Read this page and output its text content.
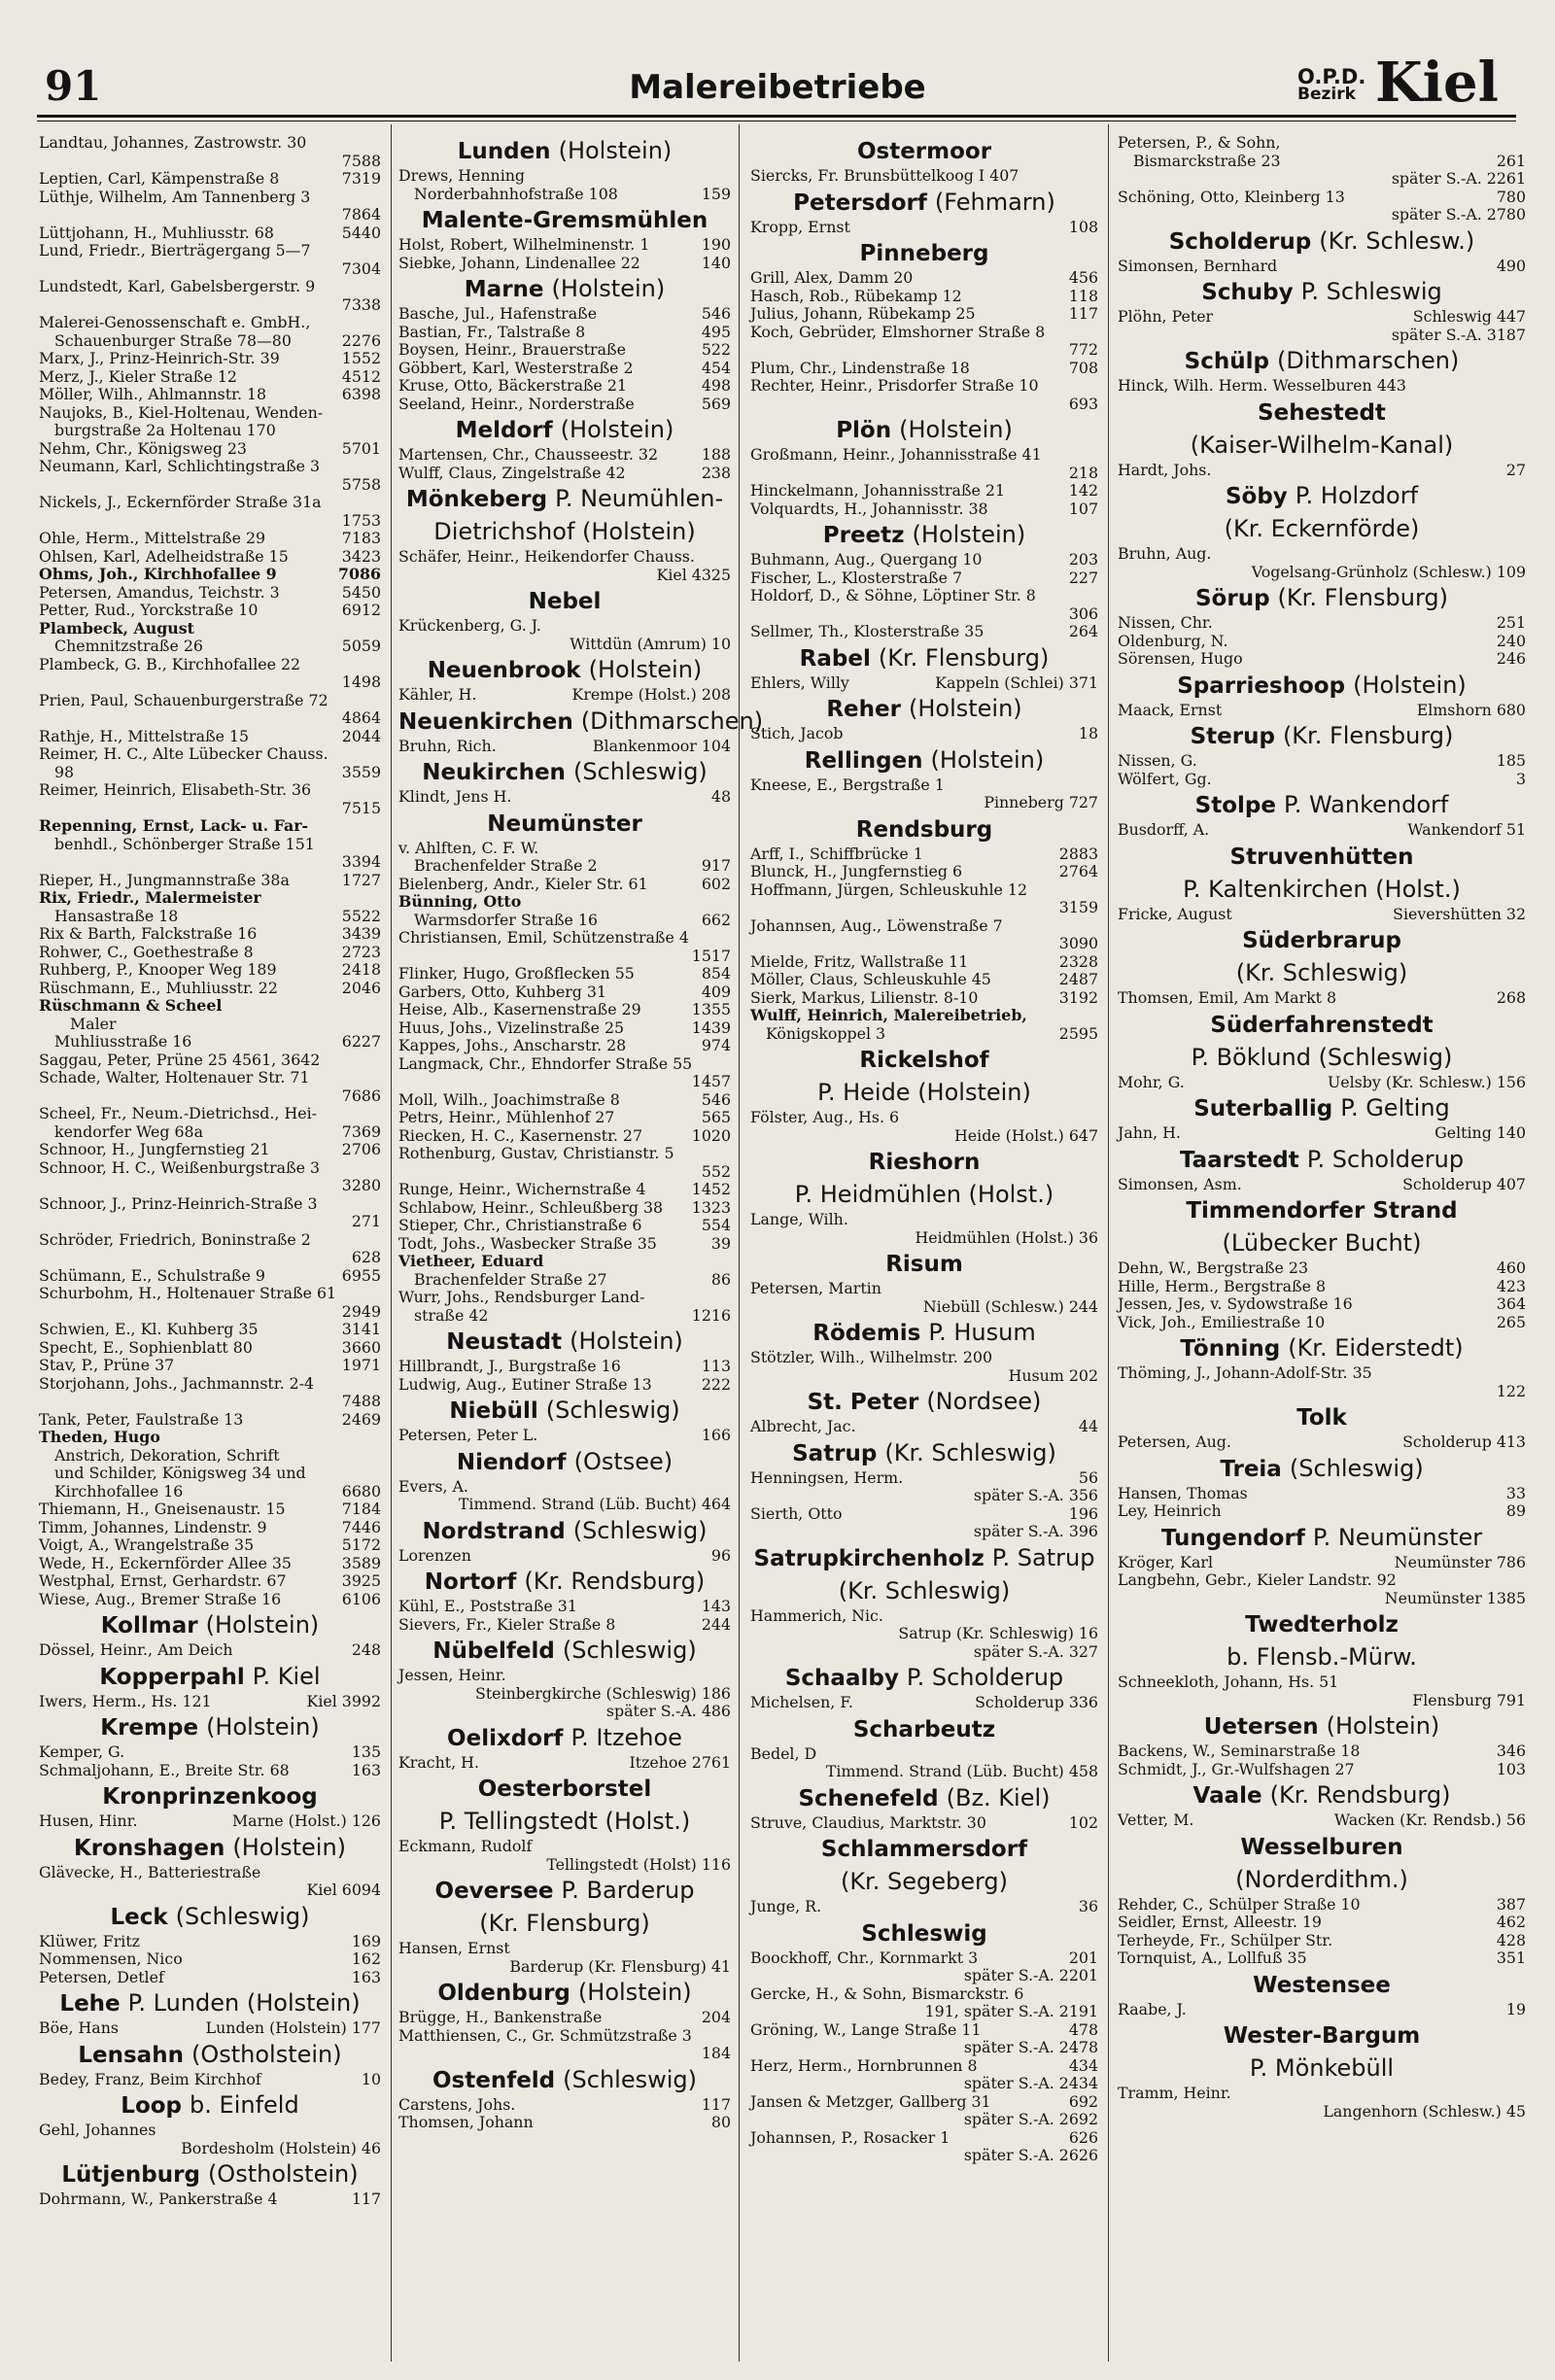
91	Malereibetriebe	O.P.D.
Bezirk Kiel
Landtau, Johannes, Zastrowstr. 30

7588
Leptien, Carl, Kämpenstraße 8	7319
Lüthje, Wilhelm, Am Tannenberg 3

7864
Lüttjohann, H., Muhliusstr. 68	5440
Lund, Friedr., Bierträgergang 5—7

7304
Lundstedt, Karl, Gabelsbergerstr. 9

7338
Malerei-Genossenschaft e. GmbH.,
Schauenburger Straße 78—80	2276
Marx, J., Prinz-Heinrich-Str. 39	1552
Merz, J., Kieler Straße 12	4512
Möller, Wilh., Ahlmannstr. 18	6398
Naujoks, B., Kiel-Holtenau, Wenden-
burgstraße 2a Holtenau 170
Nehm, Chr., Königsweg 23	5701
Neumann, Karl, Schlichtingstraße 3

5758
Nickels, J., Eckernförder Straße 31a

1753
Ohle, Herm., Mittelstraße 29	7183
Ohlsen, Karl, Adelheidstraße 15	3423
Ohms, Joh., Kirchhofallee 9	7086
Petersen, Amandus, Teichstr. 3	5450
Petter, Rud., Yorckstraße 10	6912
Plambeck, August
Chemnitzstraße 26	5059
Plambeck, G. B., Kirchhofallee 22

1498
Prien, Paul, Schauenburgerstraße 72

4864
Rathje, H., Mittelstraße 15	2044
Reimer, H. C., Alte Lübecker Chauss.
98	3559
Reimer, Heinrich, Elisabeth-Str. 36

7515
Repenning, Ernst, Lack- u. Far-
benhdl., Schönberger Straße 151

3394
Rieper, H., Jungmannstraße 38a	1727
Rix, Friedr., Malermeister
Hansastraße 18	5522
Rix & Barth, Falckstraße 16	3439
Rohwer, C., Goethestraße 8	2723
Ruhberg, P., Knooper Weg 189	2418
Rüschmann, E., Muhliusstr. 22	2046
Rüschmann & Scheel
Maler
Muhliusstraße 16	6227
Saggau, Peter, Prüne 25 4561, 3642
Schade, Walter, Holtenauer Str. 71

7686
Scheel, Fr., Neum.-Dietrichsd., Hei-
kendorfer Weg 68a	7369
Schnoor, H., Jungfernstieg 21	2706
Schnoor, H. C., Weißenburgstraße 3

3280
Schnoor, J., Prinz-Heinrich-Straße 3

271
Schröder, Friedrich, Boninstraße 2

628
Schümann, E., Schulstraße 9	6955
Schurbohm, H., Holtenauer Straße 61

2949
Schwien, E., Kl. Kuhberg 35	3141
Specht, E., Sophienblatt 80	3660
Stav, P., Prüne 37	1971
Storjohann, Johs., Jachmannstr. 2-4

7488
Tank, Peter, Faulstraße 13	2469
Theden, Hugo
Anstrich, Dekoration, Schrift
und Schilder, Königsweg 34 und
Kirchhofallee 16	6680
Thiemann, H., Gneisenaustr. 15	7184
Timm, Johannes, Lindenstr. 9	7446
Voigt, A., Wrangelstraße 35	5172
Wede, H., Eckernförder Allee 35	3589
Westphal, Ernst, Gerhardstr. 67	3925
Wiese, Aug., Bremer Straße 16	6106
Kollmar (Holstein)
Dössel, Heinr., Am Deich	248
Kopperpahl P. Kiel
Iwers, Herm., Hs. 121	Kiel 3992
Krempe (Holstein)
Kemper, G.	135
Schmaljohann, E., Breite Str. 68	163
Kronprinzenkoog
Husen, Hinr.	Marne (Holst.) 126
Kronshagen (Holstein)
Glävecke, H., Batteriestraße

Kiel 6094
Leck (Schleswig)
Klüwer, Fritz	169
Nommensen, Nico	162
Petersen, Detlef	163
Lehe P. Lunden (Holstein)
Böe, Hans	Lunden (Holstein) 177
Lensahn (Ostholstein)
Bedey, Franz, Beim Kirchhof	10
Loop b. Einfeld
Gehl, Johannes
Bordesholm (Holstein) 46
Lütjenburg (Ostholstein)
Dohrmann, W., Pankerstraße 4	117
Lunden (Holstein)
Drews, Henning
Norderbahnhofstraße 108	159
Malente-Gremsmühlen
Holst, Robert, Wilhelminenstr. 1	190
Siebke, Johann, Lindenallee 22	140
Marne (Holstein)
Basche, Jul., Hafenstraße	546
Bastian, Fr., Talstraße 8	495
Boysen, Heinr., Brauerstraße	522
Göbbert, Karl, Westerstraße 2	454
Kruse, Otto, Bäckerstraße 21	498
Seeland, Heinr., Norderstraße	569
Meldorf (Holstein)
Martensen, Chr., Chausseestr. 32	188
Wulff, Claus, Zingelstraße 42	238
Mönkeberg P. Neumühlen-
Dietrichshof (Holstein)
Schäfer, Heinr., Heikendorfer Chauss.

Kiel 4325
Nebel
Krückenberg, G. J.
Wittdün (Amrum) 10
Neuenbrook (Holstein)
Kähler, H.	Krempe (Holst.) 208
Neuenkirchen (Dithmarschen)
Bruhn, Rich.	Blankenmoor 104
Neukirchen (Schleswig)
Klindt, Jens H.	48
Neumünster
v. Ahlften, C. F. W.
Brachenfelder Straße 2	917
Bielenberg, Andr., Kieler Str. 61	602
Bünning, Otto
Warmsdorfer Straße 16	662
Christiansen, Emil, Schützenstraße 4

1517
Flinker, Hugo, Großflecken 55	854
Garbers, Otto, Kuhberg 31	409
Heise, Alb., Kasernenstraße 29	1355
Huus, Johs., Vizelinstraße 25	1439
Kappes, Johs., Anscharstr. 28	974
Langmack, Chr., Ehndorfer Straße 55

1457
Moll, Wilh., Joachimstraße 8	546
Petrs, Heinr., Mühlenhof 27	565
Riecken, H. C., Kasernenstr. 27	1020
Rothenburg, Gustav, Christianstr. 5

552
Runge, Heinr., Wichernstraße 4	1452
Schlabow, Heinr., Schleußberg 38 1323
Stieper, Chr., Christianstraße 6	554
Todt, Johs., Wasbecker Straße 35	39
Vietheer, Eduard
Brachenfelder Straße 27	86
Wurr, Johs., Rendsburger Land-
straße 42	1216
Neustadt (Holstein)
Hillbrandt, J., Burgstraße 16	113
Ludwig, Aug., Eutiner Straße 13	222
Niebüll (Schleswig)
Petersen, Peter L.	166
Niendorf (Ostsee)
Evers, A.
Timmend. Strand (Lüb. Bucht) 464
Nordstrand (Schleswig)
Lorenzen	96
Nortorf (Kr. Rendsburg)
Kühl, E., Poststraße 31	143
Sievers, Fr., Kieler Straße 8	244
Nübelfeld (Schleswig)
Jessen, Heinr.
Steinbergkirche (Schleswig) 186
später S.-A. 486
Oelixdorf P. Itzehoe
Kracht, H.	Itzehoe 2761
Oesterborstel
P. Tellingstedt (Holst.)
Eckmann, Rudolf
Tellingstedt (Holst) 116
Oeversee P. Barderup
(Kr. Flensburg)
Hansen, Ernst
Barderup (Kr. Flensburg) 41
Oldenburg (Holstein)
Brügge, H., Bankenstraße	204
Matthiensen, C., Gr. Schmützstraße 3

184
Ostenfeld (Schleswig)
Carstens, Johs.	117
Thomsen, Johann	80
Ostermoor
Siercks, Fr. Brunsbüttelkoog I 407
Petersdorf (Fehmarn)
Kropp, Ernst	108
Pinneberg
Grill, Alex, Damm 20	456
Hasch, Rob., Rübekamp 12	118
Julius, Johann, Rübekamp 25	117
Koch, Gebrüder, Elmshorner Straße 8

772
Plum, Chr., Lindenstraße 18	708
Rechter, Heinr., Prisdorfer Straße 10

693
Plön (Holstein)
Großmann, Heinr., Johannisstraße 41

218
Hinckelmann, Johannisstraße 21	142
Volquardts, H., Johannisstr. 38	107
Preetz (Holstein)
Buhmann, Aug., Quergang 10	203
Fischer, L., Klosterstraße 7	227
Holdorf, D., & Söhne, Löptiner Str. 8

306
Sellmer, Th., Klosterstraße 35	264
Rabel (Kr. Flensburg)
Ehlers, Willy	Kappeln (Schlei) 371
Reher (Holstein)
Stich, Jacob	18
Rellingen (Holstein)
Kneese, E., Bergstraße 1
Pinneberg 727
Rendsburg
Arff, I., Schiffbrücke 1	2883
Blunck, H., Jungfernstieg 6	2764
Hoffmann, Jürgen, Schleuskuhle 12

3159
Johannsen, Aug., Löwenstraße 7

3090
Mielde, Fritz, Wallstraße 11	2328
Möller, Claus, Schleuskuhle 45	2487
Sierk, Markus, Lilienstr. 8-10	3192
Wulff, Heinrich, Malereibetrieb,
Königskoppel 3	2595
Rickelshof
P. Heide (Holstein)
Fölster, Aug., Hs. 6
Heide (Holst.) 647
Rieshorn
P. Heidmühlen (Holst.)
Lange, Wilh.
Heidmühlen (Holst.) 36
Risum
Petersen, Martin
Niebüll (Schlesw.) 244
Rödemis P. Husum
Stötzler, Wilh., Wilhelmstr. 200
Husum 202
St. Peter (Nordsee)
Albrecht, Jac.	44
Satrup (Kr. Schleswig)
Henningsen, Herm.	56
später S.-A. 356
Sierth, Otto	196
später S.-A. 396
Satrupkirchenholz P. Satrup
(Kr. Schleswig)
Hammerich, Nic.
Satrup (Kr. Schleswig) 16
später S.-A. 327
Schaalby P. Scholderup
Michelsen, F.	Scholderup 336
Scharbeutz
Bedel, D
Timmend. Strand (Lüb. Bucht) 458
Schenefeld (Bz. Kiel)
Struve, Claudius, Marktstr. 30	102
Schlammersdorf
(Kr. Segeberg)
Junge, R.	36
Schleswig
Boockhoff, Chr., Kornmarkt 3	201
später S.-A. 2201
Gercke, H., & Sohn, Bismarckstr. 6
191, später S.-A. 2191
Gröning, W., Lange Straße 11	478
später S.-A. 2478
Herz, Herm., Hornbrunnen 8	434
später S.-A. 2434
Jansen & Metzger, Gallberg 31	692
später S.-A. 2692
Johannsen, P., Rosacker 1	626
später S.-A. 2626
Petersen, P., & Sohn,
Bismarckstraße 23	261
später S.-A. 2261
Schöning, Otto, Kleinberg 13	780
später S.-A. 2780
Scholderup (Kr. Schlesw.)
Simonsen, Bernhard	490
Schuby P. Schleswig
Plöhn, Peter	Schleswig 447
später S.-A. 3187
Schülp (Dithmarschen)
Hinck, Wilh. Herm. Wesselburen 443
Sehestedt
(Kaiser-Wilhelm-Kanal)
Hardt, Johs.	27
Söby P. Holzdorf
(Kr. Eckernförde)
Bruhn, Aug.
Vogelsang-Grünholz (Schlesw.) 109
Sörup (Kr. Flensburg)
Nissen, Chr.	251
Oldenburg, N.	240
Sörensen, Hugo	246
Sparrieshoop (Holstein)
Maack, Ernst	Elmshorn 680
Sterup (Kr. Flensburg)
Nissen, G.	185
Wölfert, Gg.	3
Stolpe P. Wankendorf
Busdorff, A.	Wankendorf 51
Struvenhütten
P. Kaltenkirchen (Holst.)
Fricke, August	Sievershütten 32
Süderbrarup
(Kr. Schleswig)
Thomsen, Emil, Am Markt 8	268
Süderfahrenstedt
P. Böklund (Schleswig)
Mohr, G.	Uelsby (Kr. Schlesw.) 156
Suterballig P. Gelting
Jahn, H.	Gelting 140
Taarstedt P. Scholderup
Simonsen, Asm.	Scholderup 407
Timmendorfer Strand
(Lübecker Bucht)
Dehn, W., Bergstraße 23	460
Hille, Herm., Bergstraße 8	423
Jessen, Jes, v. Sydowstraße 16	364
Vick, Joh., Emiliestraße 10	265
Tönning (Kr. Eiderstedt)
Thöming, J., Johann-Adolf-Str. 35

122
Tolk
Petersen, Aug.	Scholderup 413
Treia (Schleswig)
Hansen, Thomas	33
Ley, Heinrich	89
Tungendorf P. Neumünster
Kröger, Karl	Neumünster 786
Langbehn, Gebr., Kieler Landstr. 92
Neumünster 1385
Twedterholz
b. Flensb.-Mürw.
Schneekloth, Johann, Hs. 51
Flensburg 791
Uetersen (Holstein)
Backens, W., Seminarstraße 18	346
Schmidt, J., Gr.-Wulfshagen 27	103
Vaale (Kr. Rendsburg)
Vetter, M.	Wacken (Kr. Rendsb.) 56
Wesselburen
(Norderdithm.)
Rehder, C., Schülper Straße 10	387
Seidler, Ernst, Alleestr. 19	462
Terheyde, Fr., Schülper Str.	428
Tornquist, A., Lollfuß 35	351
Westensee
Raabe, J.	19
Wester-Bargum
P. Mönkebüll
Tramm, Heinr.
Langenhorn (Schlesw.) 45
